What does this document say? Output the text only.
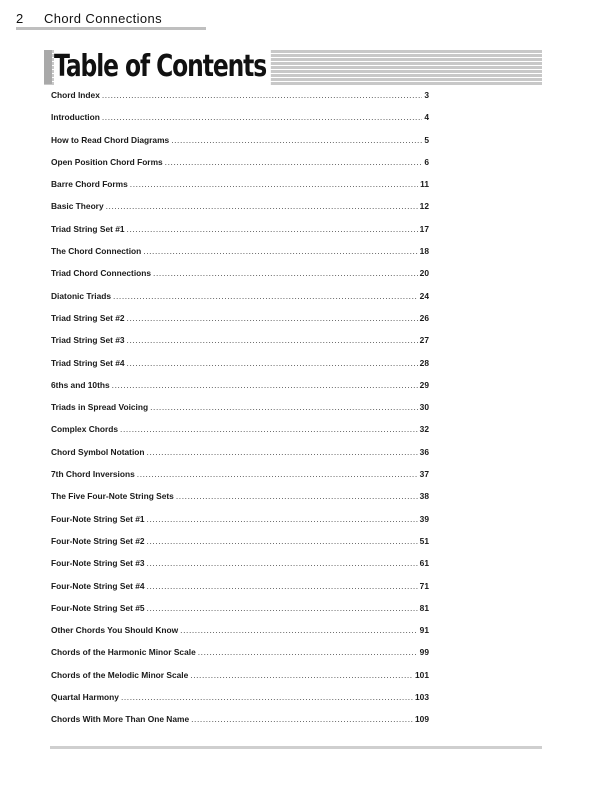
2 Chord Connections
Table of Contents
Chord Index .....	3
Introduction .....	4
How to Read Chord Diagrams .....	5
Open Position Chord Forms .....	6
Barre Chord Forms .....	11
Basic Theory .....	12
Triad String Set #1 .....	17
The Chord Connection .....	18
Triad Chord Connections .....	20
Diatonic Triads .....	24
Triad String Set #2 .....	26
Triad String Set #3 .....	27
Triad String Set #4 .....	28
6ths and 10ths .....	29
Triads in Spread Voicing .....	30
Complex Chords .....	32
Chord Symbol Notation .....	36
7th Chord Inversions .....	37
The Five Four-Note String Sets .....	38
Four-Note String Set #1 .....	39
Four-Note String Set #2 .....	51
Four-Note String Set #3 .....	61
Four-Note String Set #4 .....	71
Four-Note String Set #5 .....	81
Other Chords You Should Know .....	91
Chords of the Harmonic Minor Scale .....	99
Chords of the Melodic Minor Scale .....	101
Quartal Harmony .....	103
Chords With More Than One Name .....	109
